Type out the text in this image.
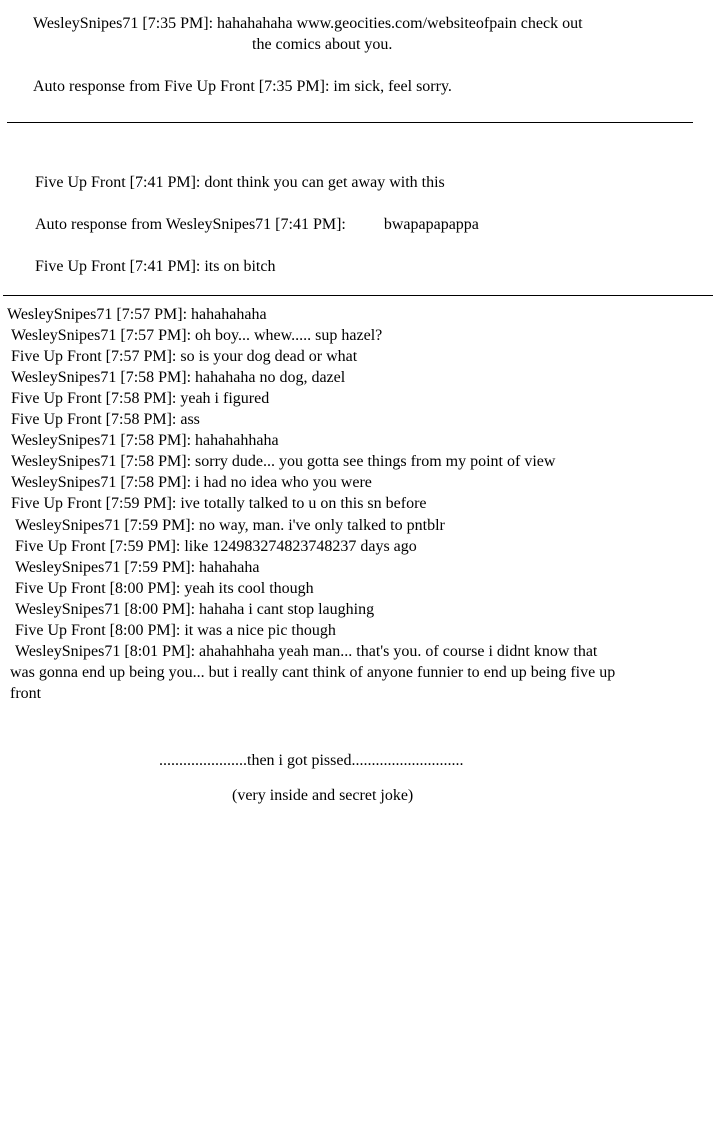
WesleySnipes71 [7:35 PM]: hahahahaha www.geocities.com/websiteofpain check out
the comics about you.
Auto response from Five Up Front [7:35 PM]: im sick, feel sorry.
Five Up Front [7:41 PM]: dont think you can get away with this
Auto response from WesleySnipes71 [7:41 PM]: bwapapapappa
Five Up Front [7:41 PM]: its on bitch
WesleySnipes71 [7:57 PM]: hahahahaha
WesleySnipes71 [7:57 PM]: oh boy... whew..... sup hazel?
Five Up Front [7:57 PM]: so is your dog dead or what
WesleySnipes71 [7:58 PM]: hahahaha no dog, dazel
Five Up Front [7:58 PM]: yeah i figured
Five Up Front [7:58 PM]: ass
WesleySnipes71 [7:58 PM]: hahahahhaha
WesleySnipes71 [7:58 PM]: sorry dude... you gotta see things from my point of view
WesleySnipes71 [7:58 PM]: i had no idea who you were
Five Up Front [7:59 PM]: ive totally talked to u on this sn before
WesleySnipes71 [7:59 PM]: no way, man. i've only talked to pntblr
Five Up Front [7:59 PM]: like 124983274823748237 days ago
WesleySnipes71 [7:59 PM]: hahahaha
Five Up Front [8:00 PM]: yeah its cool though
WesleySnipes71 [8:00 PM]: hahaha i cant stop laughing
Five Up Front [8:00 PM]: it was a nice pic though
WesleySnipes71 [8:01 PM]: ahahahhaha yeah man... that's you. of course i didnt know that
was gonna end up being you... but i really cant think of anyone funnier to end up being five up
front
......................then i got pissed............................
(very inside and secret joke)
